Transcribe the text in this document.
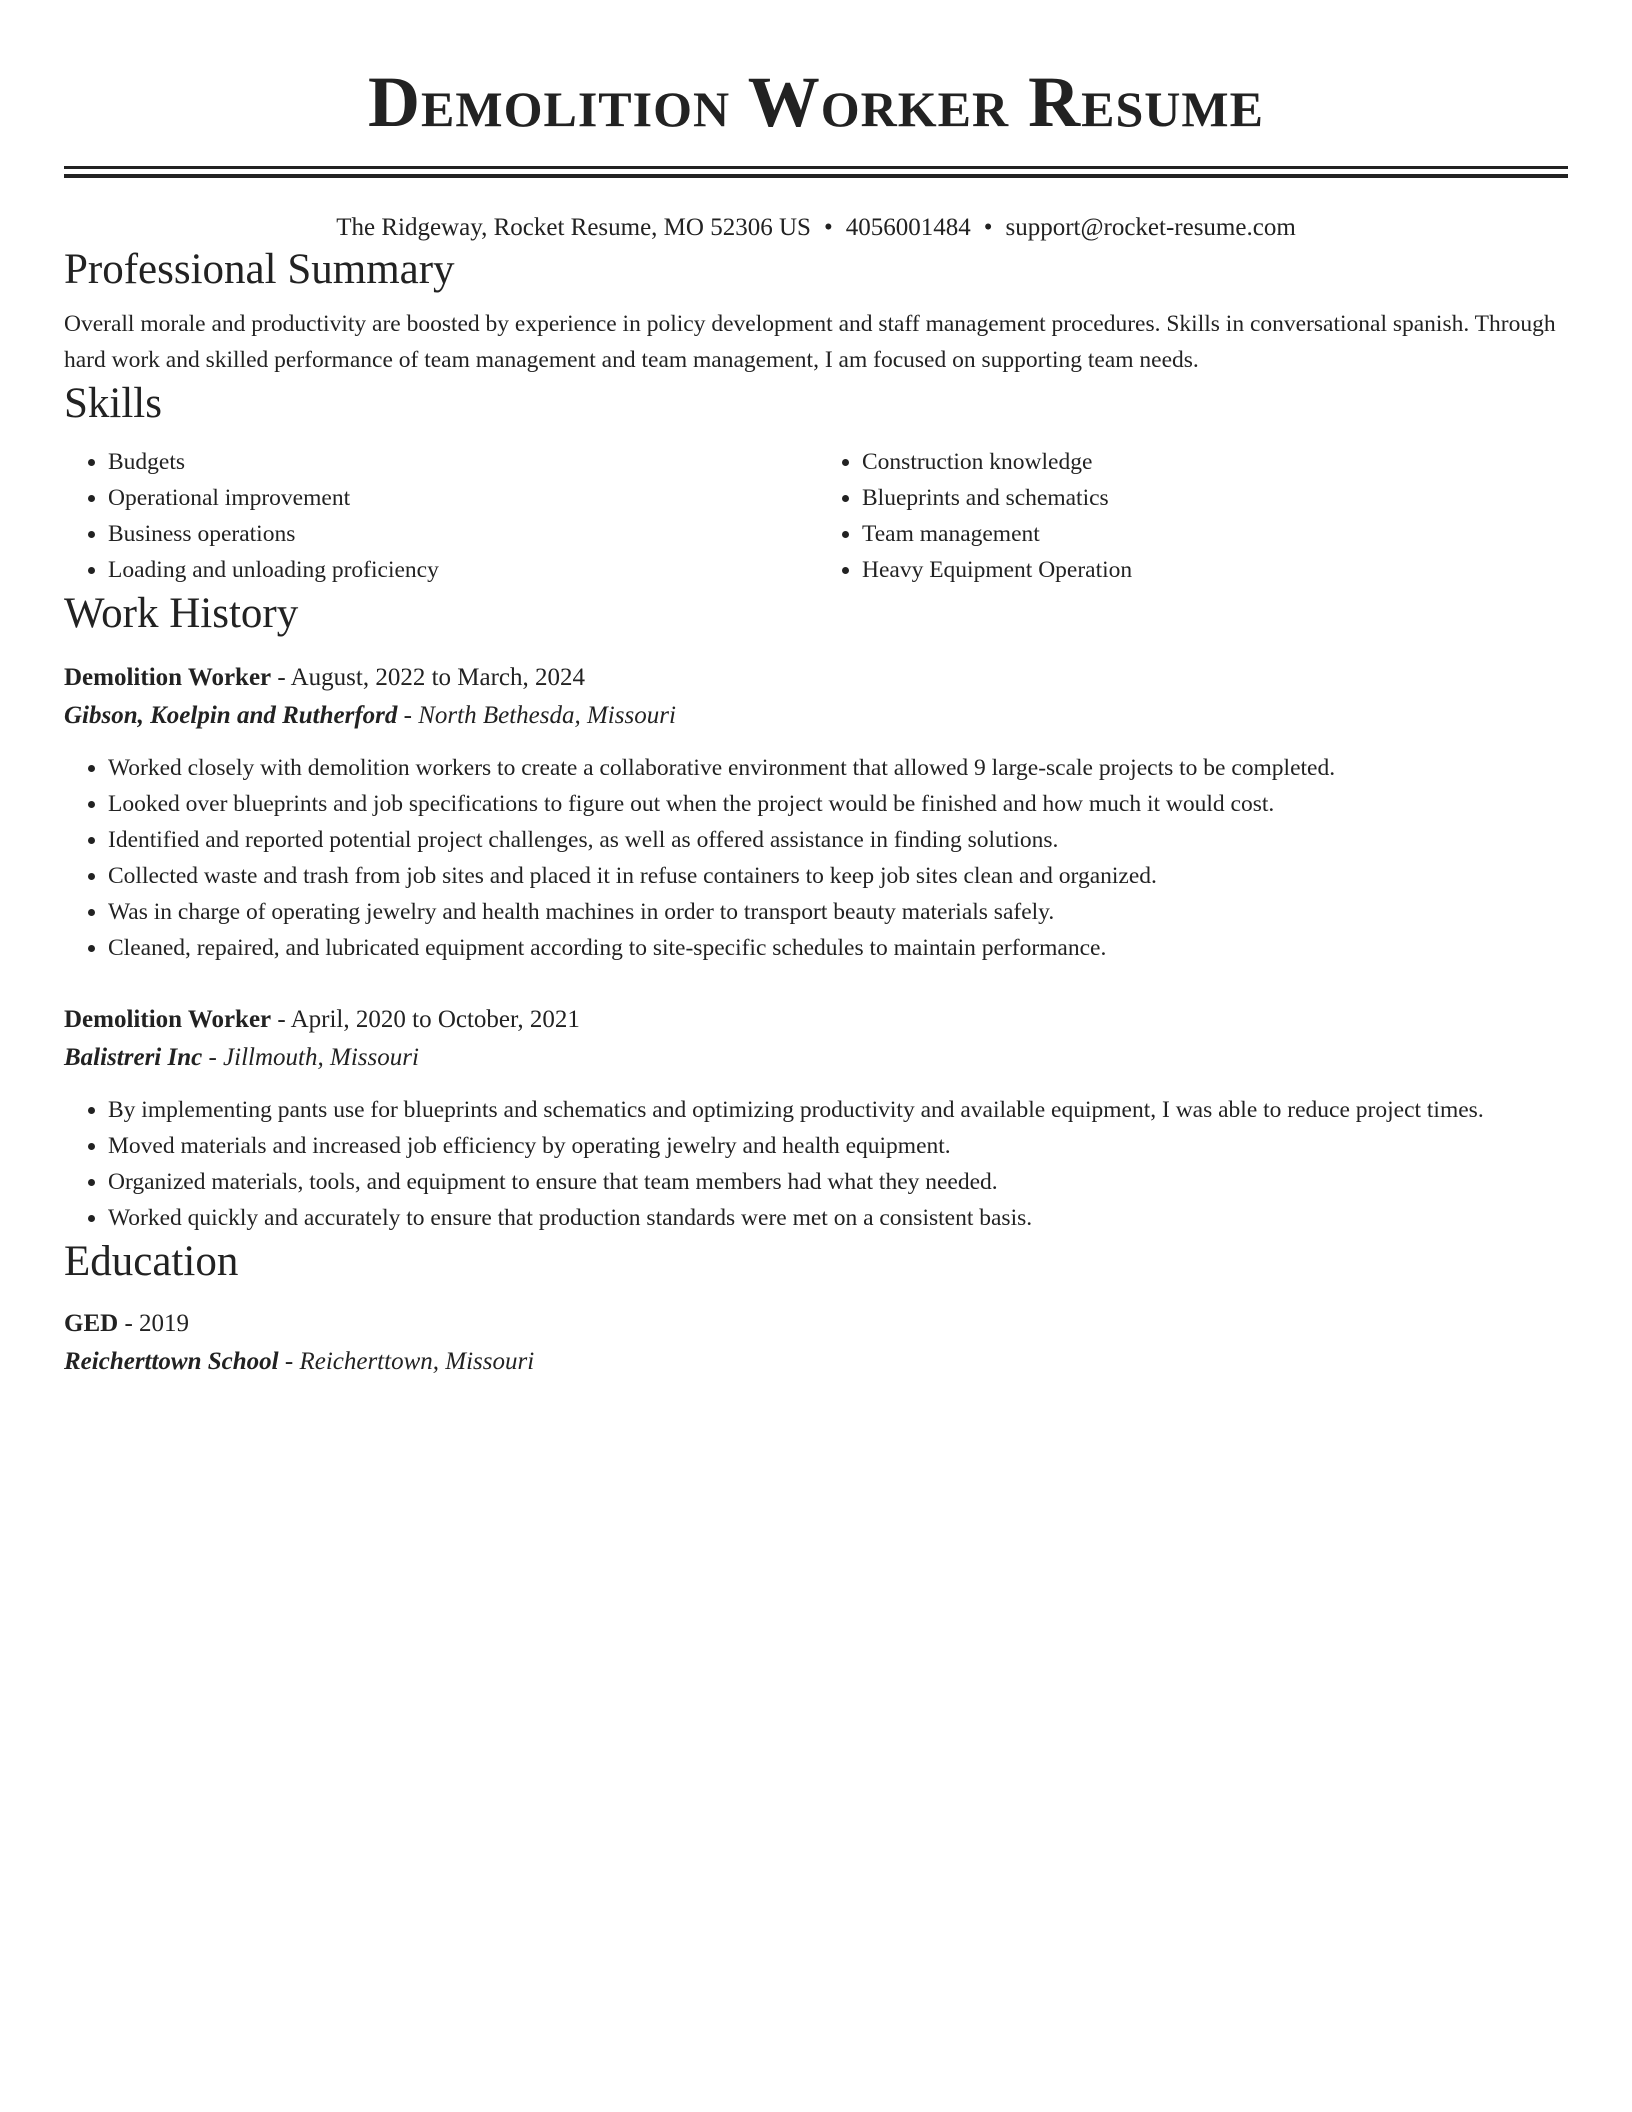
Demolition Worker Resume
The Ridgeway, Rocket Resume, MO 52306 US • 4056001484 • support@rocket-resume.com
Professional Summary

Overall morale and productivity are boosted by experience in policy development and staff management procedures. Skills in conversational spanish. Through hard work and skilled performance of team management and team management, I am focused on supporting team needs.

Skills
• Budgets
• Operational improvement
• Business operations
• Loading and unloading proficiency
• Construction knowledge
• Blueprints and schematics
• Team management
• Heavy Equipment Operation
Work History
Demolition Worker - August, 2022 to March, 2024
Gibson, Koelpin and Rutherford - North Bethesda, Missouri
• Worked closely with demolition workers to create a collaborative environment that allowed 9 large-scale projects to be completed.
• Looked over blueprints and job specifications to figure out when the project would be finished and how much it would cost.
• Identified and reported potential project challenges, as well as offered assistance in finding solutions.
• Collected waste and trash from job sites and placed it in refuse containers to keep job sites clean and organized.
• Was in charge of operating jewelry and health machines in order to transport beauty materials safely.
• Cleaned, repaired, and lubricated equipment according to site-specific schedules to maintain performance.
Demolition Worker - April, 2020 to October, 2021
Balistreri Inc - Jillmouth, Missouri
• By implementing pants use for blueprints and schematics and optimizing productivity and available equipment, I was able to reduce project times.
• Moved materials and increased job efficiency by operating jewelry and health equipment.
• Organized materials, tools, and equipment to ensure that team members had what they needed.
• Worked quickly and accurately to ensure that production standards were met on a consistent basis.
Education
GED - 2019
Reicherttown School - Reicherttown, Missouri
